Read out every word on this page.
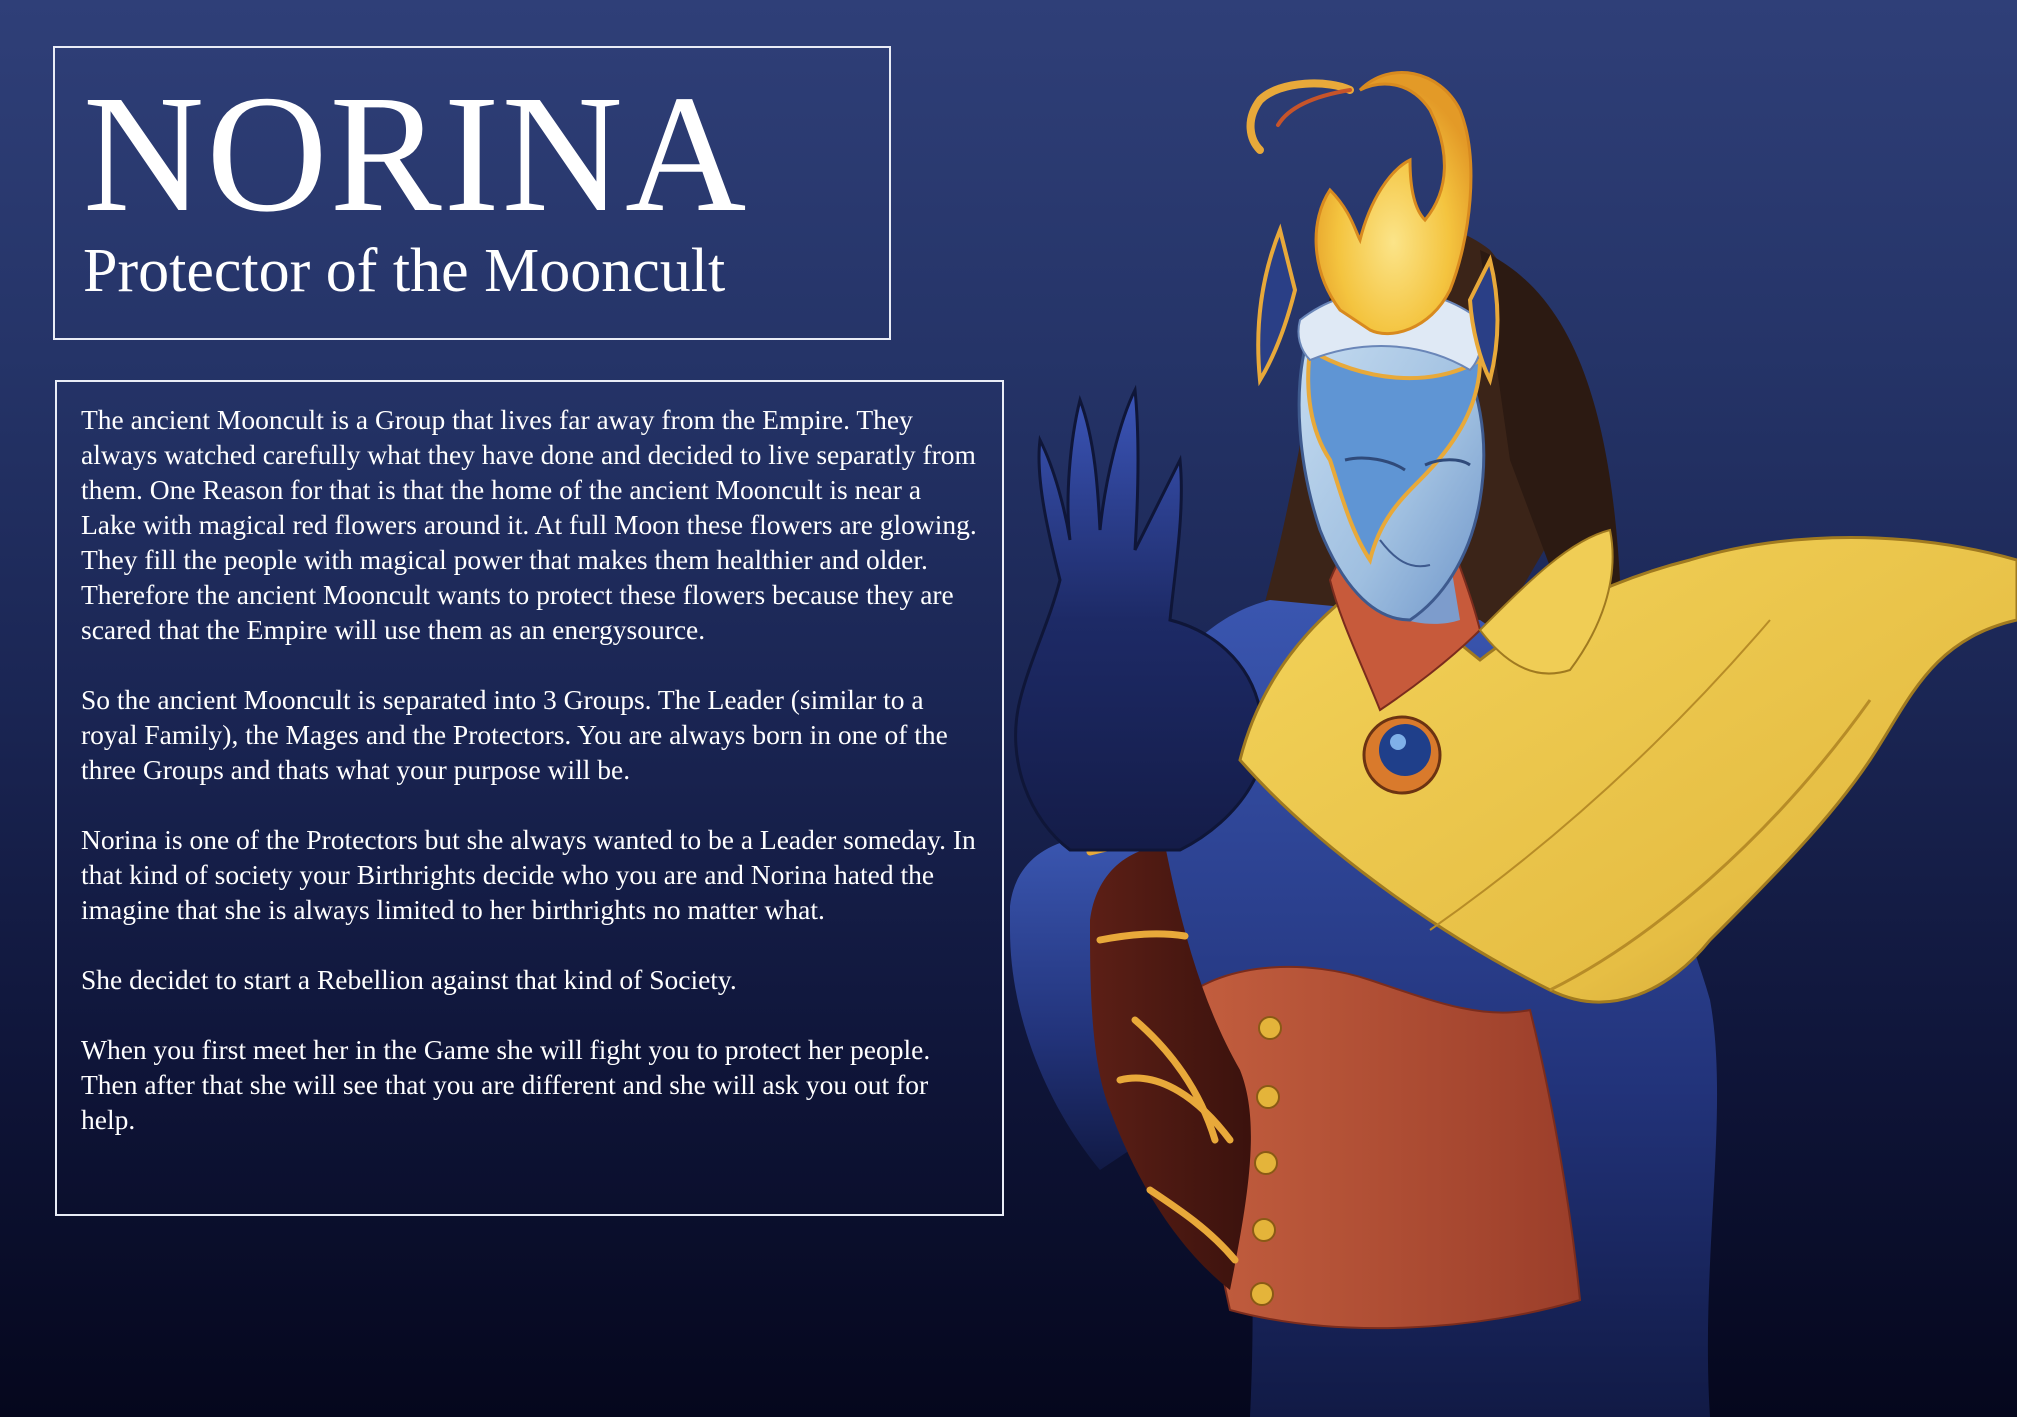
NORINA
Protector of the Mooncult

The ancient Mooncult is a Group that lives far away from the Empire. They always watched carefully what they have done and decided to live separatly from them. One Reason for that is that the home of the ancient Mooncult is near a Lake with magical red flowers around it. At full Moon these flowers are glowing. They fill the people with magical power that makes them healthier and older. Therefore the ancient Mooncult wants to protect these flowers because they are scared that the Empire will use them as an energysource.

So the ancient Mooncult is separated into 3 Groups. The Leader (similar to a royal Family), the Mages and the Protectors. You are always born in one of the three Groups and thats what your purpose will be.

Norina is one of the Protectors but she always wanted to be a Leader someday. In that kind of society your Birthrights decide who you are and Norina hated the imagine that she is always limited to her birthrights no matter what.

She decidet to start a Rebellion against that kind of Society.

When you first meet her in the Game she will fight you to protect her people. Then after that she will see that you are different and she will ask you out for help.
